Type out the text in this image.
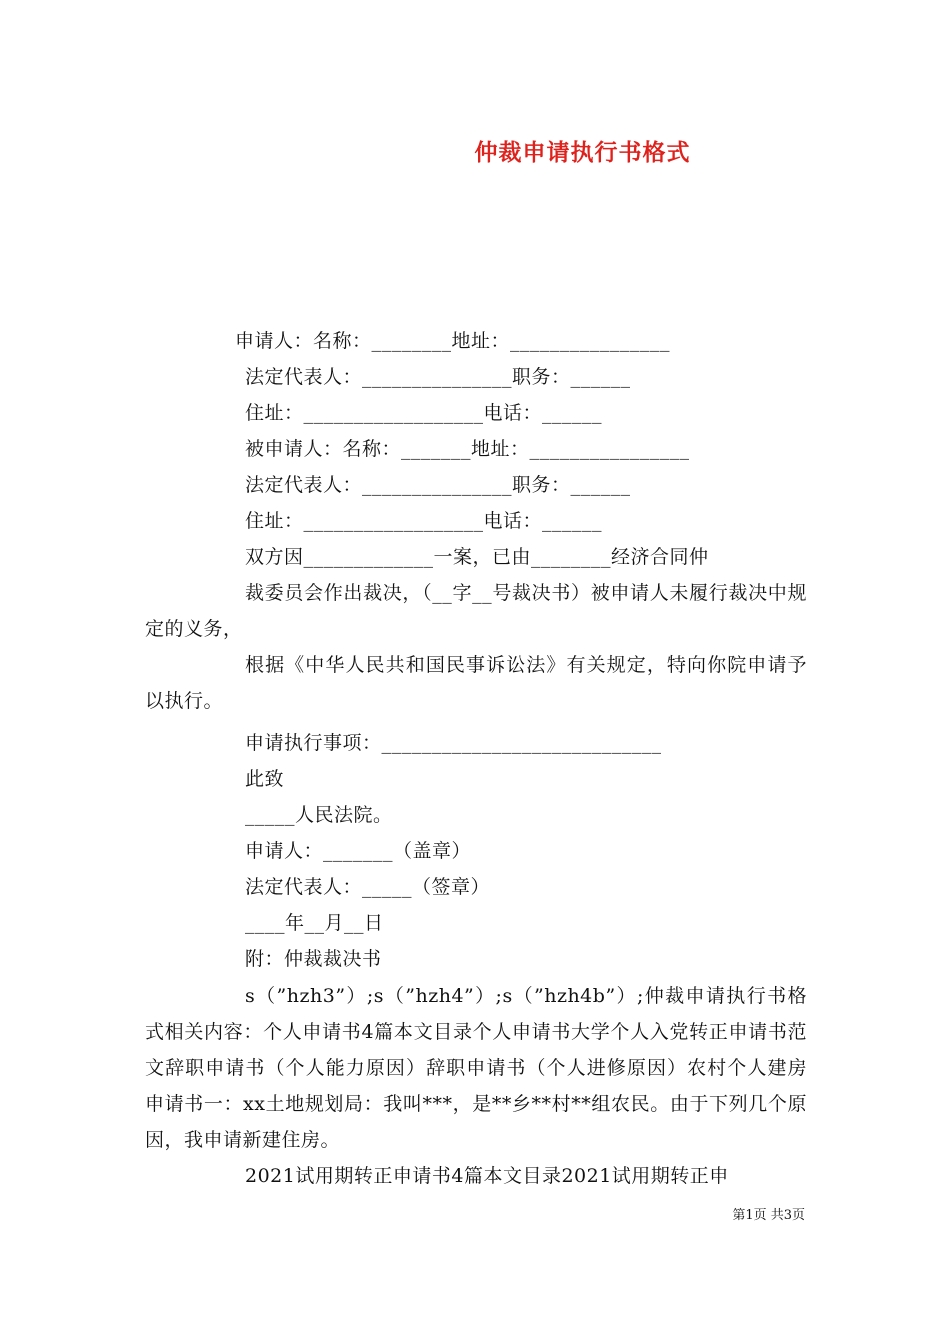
仲裁申请执行书格式
申请人：名称：________地址：________________
法定代表人：_______________职务：______
住址：__________________电话：______
被申请人：名称：_______地址：________________
法定代表人：_______________职务：______
住址：__________________电话：______
双方因_____________一案，已由________经济合同仲
裁委员会作出裁决，（__字__号裁决书）被申请人未履行裁决中规定的义务，
根据《中华人民共和国民事诉讼法》有关规定，特向你院申请予以执行。
申请执行事项：____________________________
此致
_____人民法院。
申请人：_______（盖章）
法定代表人：_____（签章）
____年__月__日
附：仲裁裁决书
s（”hzh3”）;s（”hzh4”）;s（”hzh4b”）;仲裁申请执行书格式相关内容：个人申请书4篇本文目录个人申请书大学个人入党转正申请书范文辞职申请书（个人能力原因）辞职申请书（个人进修原因）农村个人建房申请书一：xx土地规划局：我叫***，是**乡**村**组农民。由于下列几个原因，我申请新建住房。
2021试用期转正申请书4篇本文目录2021试用期转正申
第1页 共3页
